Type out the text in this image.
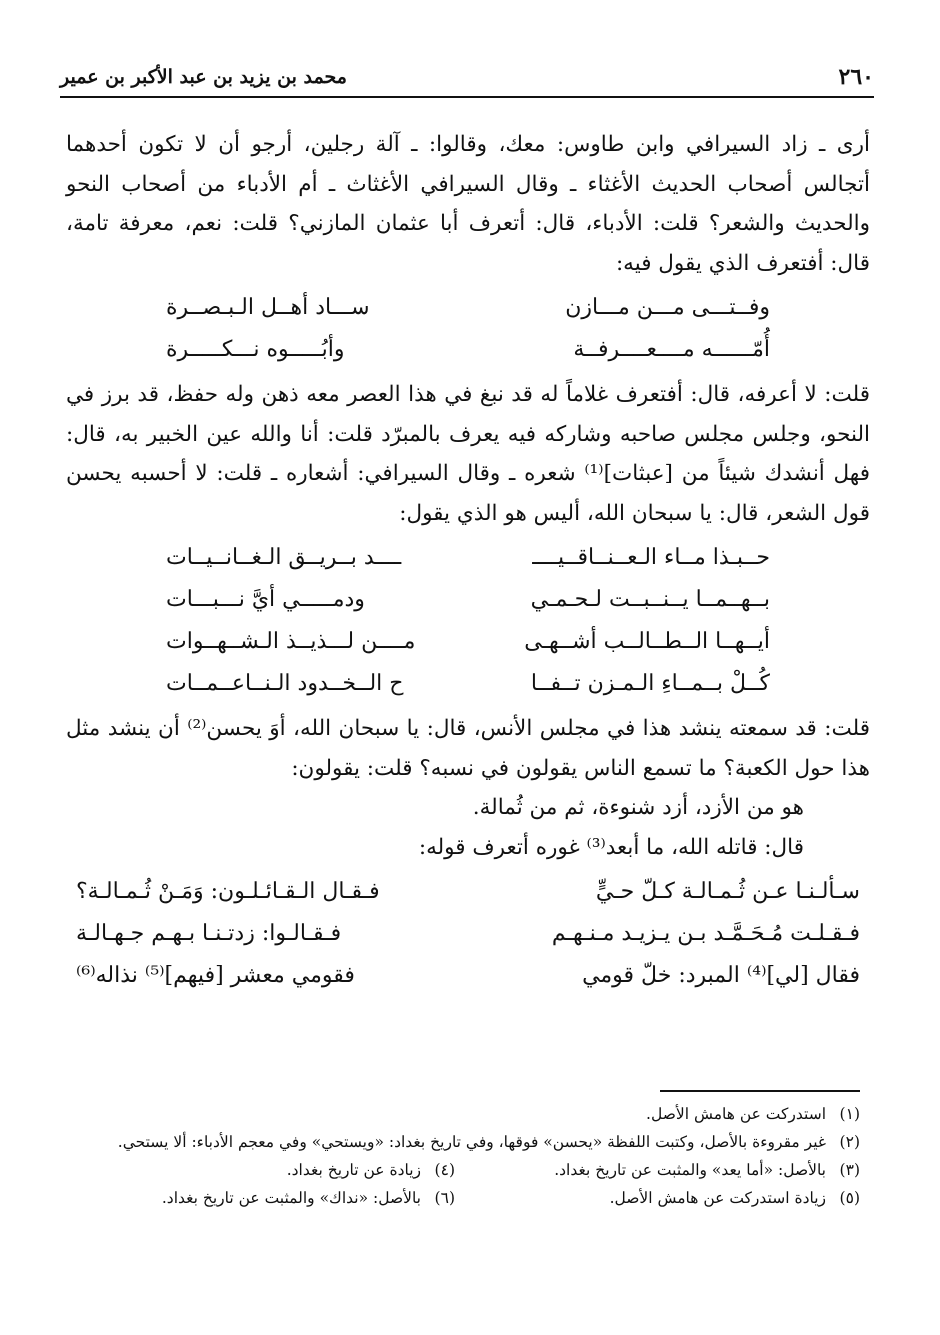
٢٦٠
محمد بن يزيد بن عبد الأكبر بن عمير

أرى ـ زاد السيرافي وابن طاوس: معك، وقالوا: ـ آلة رجلين، أرجو أن لا تكون أحدهما أتجالس أصحاب الحديث الأغثاء ـ وقال السيرافي الأغثاث ـ أم الأدباء من أصحاب النحو والحديث والشعر؟ قلت: الأدباء، قال: أتعرف أبا عثمان المازني؟ قلت: نعم، معرفة تامة، قال: أفتعرف الذي يقول فيه:

وفــتـــى مـــن مـــازن
ســـاد أهــل الـبـصــرة
أُمّــــــه مــــعــــرفــة
وأبُـــــوه نـــكـــــرة

قلت: لا أعرفه، قال: أفتعرف غلاماً له قد نبغ في هذا العصر معه ذهن وله حفظ، قد برز في النحو، وجلس مجلس صاحبه وشاركه فيه يعرف بالمبرّد قلت: أنا والله عين الخبير به، قال: فهل أنشدك شيئاً من [عبثات]⁽¹⁾ شعره ـ وقال السيرافي: أشعاره ـ قلت: لا أحسبه يحسن قول الشعر، قال: يا سبحان الله، أليس هو الذي يقول:

حــبـذا مــاء الـعــنــاقــيــــ
ــــد بــريــق الـغــانــيــات
بــهــمــا يــنــبــت لـحـمـي
ودمـــــي أيَّ نـــبـــات
أيــهــا الــطــالــب أشــهـى
مــــن لـــذيــذ الـشــهــوات
كُــلْ بــمــاءِ الـمـزن تــفــا
ح الــخــدود الـنــاعــمــات

قلت: قد سمعته ينشد هذا في مجلس الأنس، قال: يا سبحان الله، أوَ يحسن⁽²⁾ أن ينشد مثل هذا حول الكعبة؟ ما تسمع الناس يقولون في نسبه؟ قلت: يقولون:

هو من الأزد، أزد شنوءة، ثم من ثُمالة.

قال: قاتله الله، ما أبعد⁽³⁾ غوره أتعرف قوله:

سـألـنـا عـن ثُـمـالـة كـلّ حـيٍّ
فـقـال الـقـائـلـون: وَمَـنْ ثُـمـالـة؟
فـقـلـت مُـحَـمَّـد بـن يـزيـد مـنـهـم
فـقـالـوا: زدتـنـا بـهـم جـهـالـة
فقال [لي]⁽⁴⁾ المبرد: خلّ قومي
فقومي معشر [فيهم]⁽⁵⁾ نذاله⁽⁶⁾
(١)
استدركت عن هامش الأصل.
(٢)
غير مقروءة بالأصل، وكتبت اللفظة «يحسن» فوقها، وفي تاريخ بغداد: «ويستحي» وفي معجم الأدباء: ألا يستحي.
(٣)
بالأصل: «أما يعد» والمثبت عن تاريخ بغداد.
(٤)
زيادة عن تاريخ بغداد.
(٥)
زيادة استدركت عن هامش الأصل.
(٦)
بالأصل: «نداك» والمثبت عن تاريخ بغداد.
